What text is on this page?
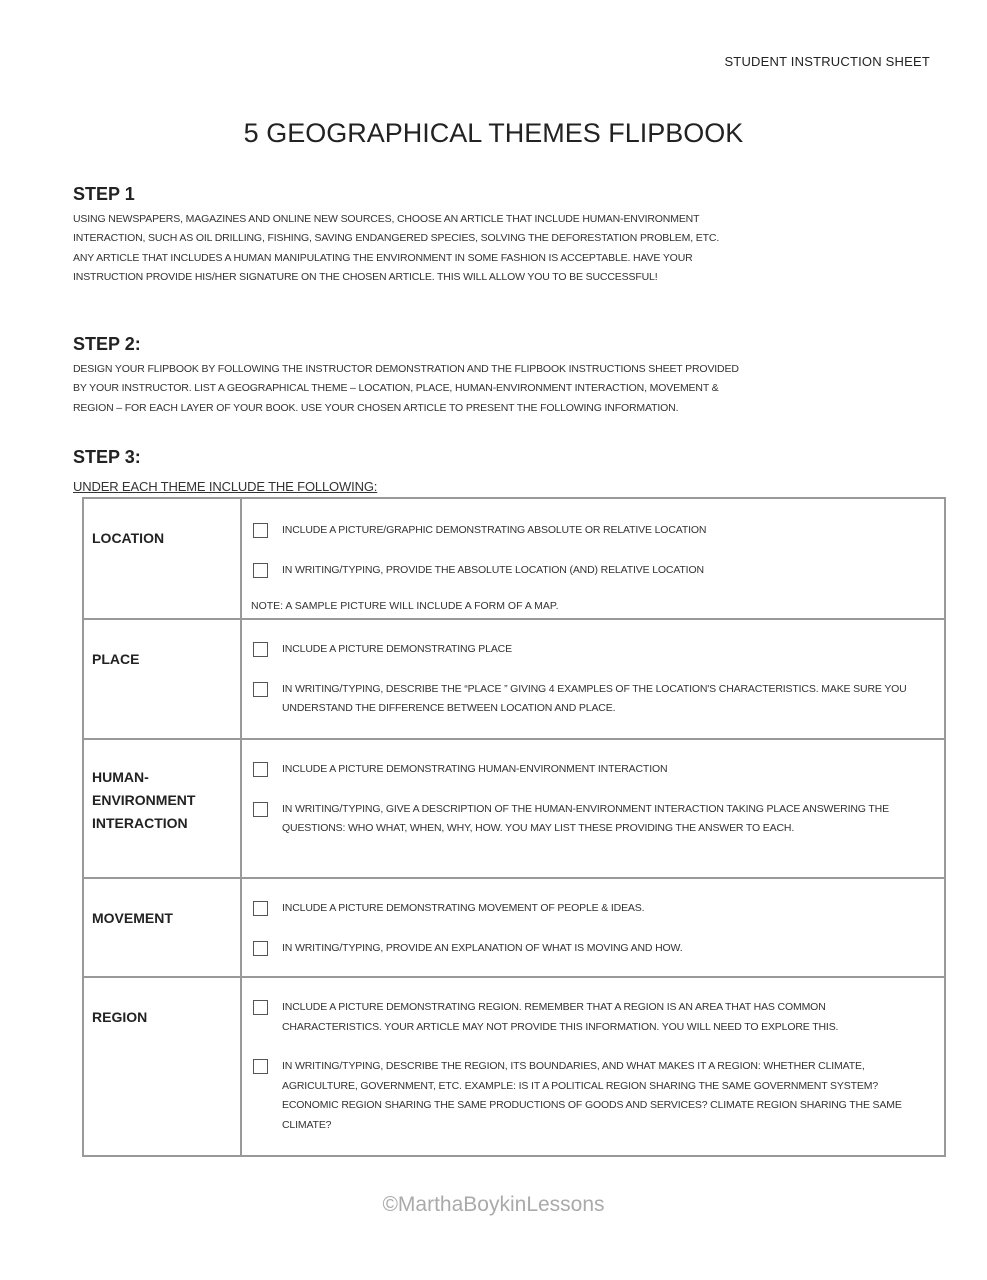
STUDENT INSTRUCTION SHEET
5 GEOGRAPHICAL THEMES FLIPBOOK
STEP 1
USING NEWSPAPERS, MAGAZINES AND ONLINE NEW SOURCES, CHOOSE AN ARTICLE THAT INCLUDE HUMAN-ENVIRONMENT
INTERACTION, SUCH AS OIL DRILLING, FISHING, SAVING ENDANGERED SPECIES, SOLVING THE DEFORESTATION PROBLEM, ETC.
ANY ARTICLE THAT INCLUDES A HUMAN MANIPULATING THE ENVIRONMENT IN SOME FASHION IS ACCEPTABLE. HAVE YOUR
INSTRUCTION PROVIDE HIS/HER SIGNATURE ON THE CHOSEN ARTICLE. THIS WILL ALLOW YOU TO BE SUCCESSFUL!
STEP 2:
DESIGN YOUR FLIPBOOK BY FOLLOWING THE INSTRUCTOR DEMONSTRATION AND THE FLIPBOOK INSTRUCTIONS SHEET PROVIDED
BY YOUR INSTRUCTOR. LIST A GEOGRAPHICAL THEME – LOCATION, PLACE, HUMAN-ENVIRONMENT INTERACTION, MOVEMENT &
REGION – FOR EACH LAYER OF YOUR BOOK. USE YOUR CHOSEN ARTICLE TO PRESENT THE FOLLOWING INFORMATION.
STEP 3:
UNDER EACH THEME INCLUDE THE FOLLOWING:
LOCATION	INCLUDE A PICTURE/GRAPHIC DEMONSTRATING ABSOLUTE OR RELATIVE LOCATION
IN WRITING/TYPING, PROVIDE THE ABSOLUTE LOCATION (AND) RELATIVE LOCATION
NOTE: A SAMPLE PICTURE WILL INCLUDE A FORM OF A MAP.

PLACE	INCLUDE A PICTURE DEMONSTRATING PLACE
IN WRITING/TYPING, DESCRIBE THE “PLACE ” GIVING 4 EXAMPLES OF THE LOCATION'S CHARACTERISTICS. MAKE SURE YOU UNDERSTAND THE DIFFERENCE BETWEEN LOCATION AND PLACE.

HUMAN-ENVIRONMENT INTERACTION	INCLUDE A PICTURE DEMONSTRATING HUMAN-ENVIRONMENT INTERACTION
IN WRITING/TYPING, GIVE A DESCRIPTION OF THE HUMAN-ENVIRONMENT INTERACTION TAKING PLACE ANSWERING THE QUESTIONS: WHO WHAT, WHEN, WHY, HOW. YOU MAY LIST THESE PROVIDING THE ANSWER TO EACH.

MOVEMENT	INCLUDE A PICTURE DEMONSTRATING MOVEMENT OF PEOPLE & IDEAS.
IN WRITING/TYPING, PROVIDE AN EXPLANATION OF WHAT IS MOVING AND HOW.

REGION	INCLUDE A PICTURE DEMONSTRATING REGION. REMEMBER THAT A REGION IS AN AREA THAT HAS COMMON CHARACTERISTICS. YOUR ARTICLE MAY NOT PROVIDE THIS INFORMATION. YOU WILL NEED TO EXPLORE THIS.
IN WRITING/TYPING, DESCRIBE THE REGION, ITS BOUNDARIES, AND WHAT MAKES IT A REGION: WHETHER CLIMATE, AGRICULTURE, GOVERNMENT, ETC. EXAMPLE: IS IT A POLITICAL REGION SHARING THE SAME GOVERNMENT SYSTEM? ECONOMIC REGION SHARING THE SAME PRODUCTIONS OF GOODS AND SERVICES? CLIMATE REGION SHARING THE SAME CLIMATE?
©MarthaBoykinLessons
